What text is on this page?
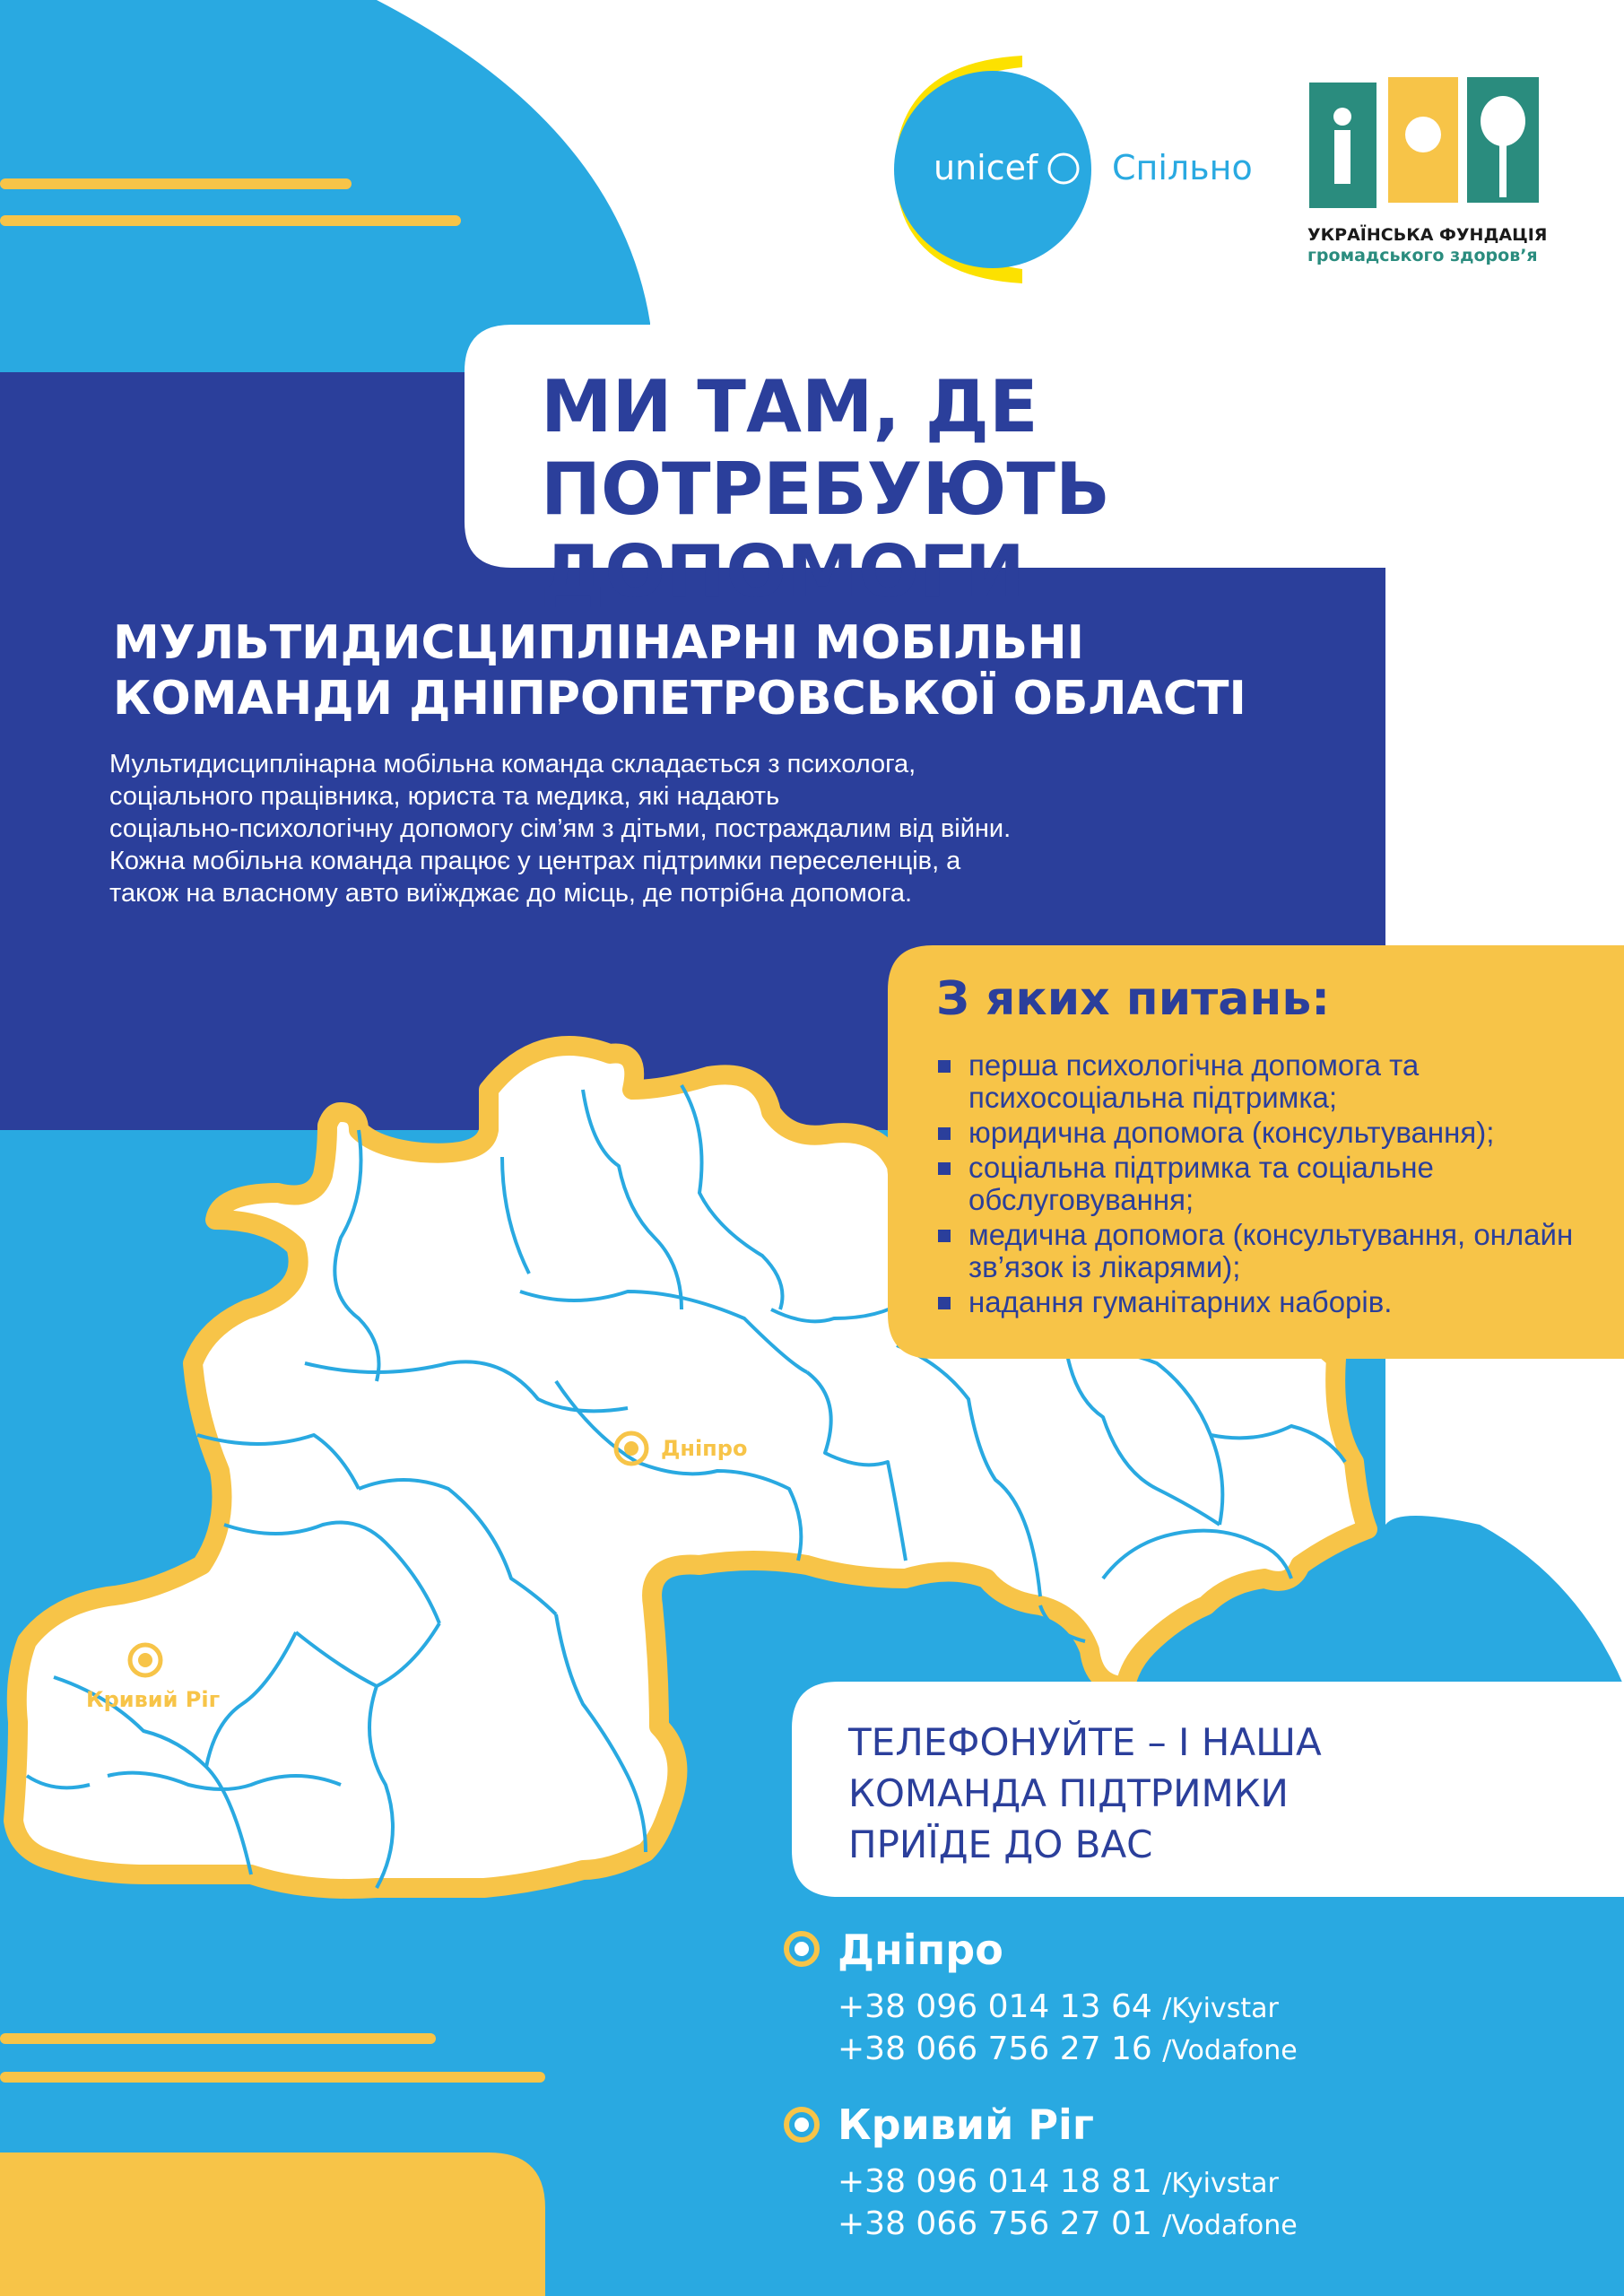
unicef Спільно
УКРАЇНСЬКА ФУНДАЦІЯ
громадського здоров’я
МИ ТАМ, ДЕ ПОТРЕБУЮТЬ
ДОПОМОГИ
МУЛЬТИДИСЦИПЛІНАРНІ МОБІЛЬНІ
КОМАНДИ ДНІПРОПЕТРОВСЬКОЇ ОБЛАСТІ

Мультидисциплінарна мобільна команда складається з психолога,
соціального працівника, юриста та медика, які надають
соціально-психологічну допомогу сім’ям з дітьми, постраждалим від війни.
Кожна мобільна команда працює у центрах підтримки переселенців, а
також на власному авто виїжджає до місць, де потрібна допомога.

З яких питань:
перша психологічна допомога та психосоціальна підтримка;
юридична допомога (консультування);
соціальна підтримка та соціальне обслуговування;
медична допомога (консультування, онлайн зв’язок із лікарями);
надання гуманітарних наборів.
Дніпро
Кривий Ріг

ТЕЛЕФОНУЙТЕ – І НАША
КОМАНДА ПІДТРИМКИ
ПРИЇДЕ ДО ВАС

Дніпро
+38 096 014 13 64 /Kyivstar
+38 066 756 27 16 /Vodafone
Кривий Ріг
+38 096 014 18 81 /Kyivstar
+38 066 756 27 01 /Vodafone
